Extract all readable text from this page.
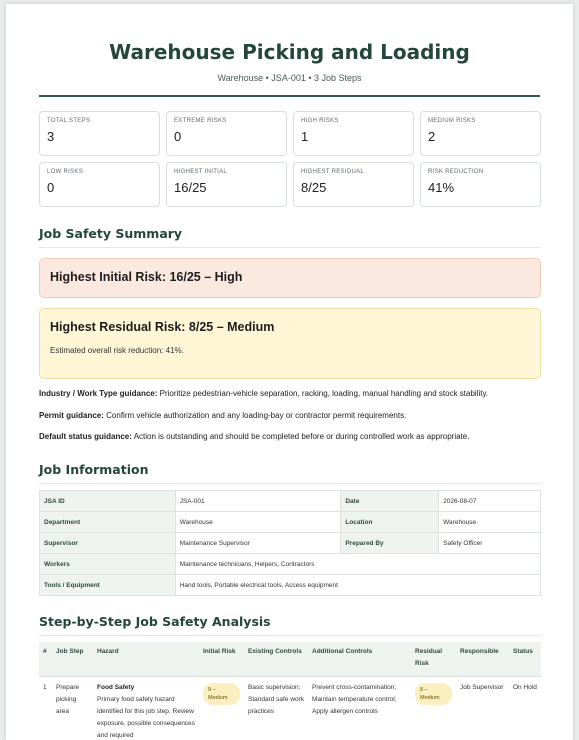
Warehouse Picking and Loading
Warehouse • JSA-001 • 3 Job Steps
TOTAL STEPS
3
EXTREME RISKS
0
HIGH RISKS
1
MEDIUM RISKS
2
LOW RISKS
0
HIGHEST INITIAL
16/25
HIGHEST RESIDUAL
8/25
RISK REDUCTION
41%
Job Safety Summary
Highest Initial Risk: 16/25 – High
Highest Residual Risk: 8/25 – Medium
Estimated overall risk reduction: 41%.
Industry / Work Type guidance: Prioritize pedestrian-vehicle separation, racking, loading, manual handling and stock stability.
Permit guidance: Confirm vehicle authorization and any loading-bay or contractor permit requirements.
Default status guidance: Action is outstanding and should be completed before or during controlled work as appropriate.
Job Information
JSA ID	JSA-001	Date	2026-08-07
Department	Warehouse	Location	Warehouse
Supervisor	Maintenance Supervisor	Prepared By	Safety Officer
Workers	Maintenance technicians, Helpers, Contractors		
Tools / Equipment	Hand tools, Portable electrical tools, Access equipment		
Step-by-Step Job Safety Analysis
#	Job Step	Hazard	Initial Risk	Existing Controls	Additional Controls	Residual Risk	Responsible	Status
1	Prepare picking area	Food Safety
Primary food safety hazard identified for this job step. Review exposure, possible consequences and required	9 – Medium	Basic supervision; Standard safe work practices	Prevent cross-contamination; Maintain temperature control; Apply allergen controls	8 – Medium	Job Supervisor	On Hold
